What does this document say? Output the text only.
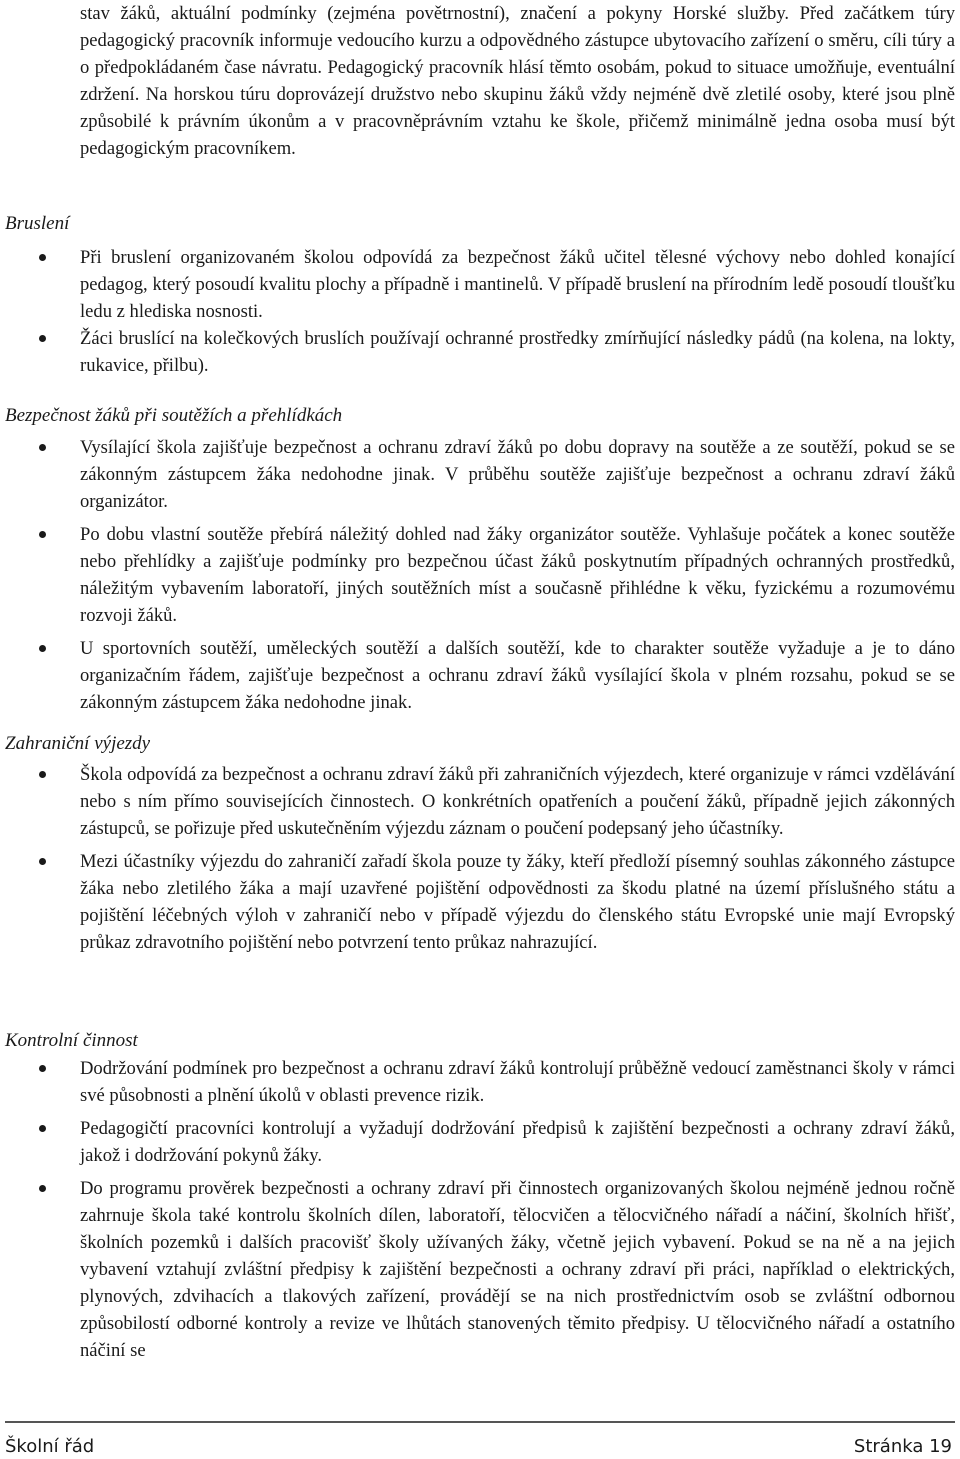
stav žáků, aktuální podmínky (zejména povětrnostní), značení a pokyny Horské služby. Před začátkem túry pedagogický pracovník informuje vedoucího kurzu a odpovědného zástupce ubytovacího zařízení o směru, cíli túry a o předpokládaném čase návratu. Pedagogický pracovník hlásí těmto osobám, pokud to situace umožňuje, eventuální zdržení. Na horskou túru doprovázejí družstvo nebo skupinu žáků vždy nejméně dvě zletilé osoby, které jsou plně způsobilé k právním úkonům a v pracovněprávním vztahu ke škole, přičemž minimálně jedna osoba musí být pedagogickým pracovníkem.

Bruslení
Při bruslení organizovaném školou odpovídá za bezpečnost žáků učitel tělesné výchovy nebo dohled konající pedagog, který posoudí kvalitu plochy a případně i mantinelů. V případě bruslení na přírodním ledě posoudí tloušťku ledu z hlediska nosnosti.
Žáci bruslící na kolečkových bruslích používají ochranné prostředky zmírňující následky pádů (na kolena, na lokty, rukavice, přilbu).
Bezpečnost žáků při soutěžích a přehlídkách
Vysílající škola zajišťuje bezpečnost a ochranu zdraví žáků po dobu dopravy na soutěže a ze soutěží, pokud se se zákonným zástupcem žáka nedohodne jinak. V průběhu soutěže zajišťuje bezpečnost a ochranu zdraví žáků organizátor.
Po dobu vlastní soutěže přebírá náležitý dohled nad žáky organizátor soutěže. Vyhlašuje počátek a konec soutěže nebo přehlídky a zajišťuje podmínky pro bezpečnou účast žáků poskytnutím případných ochranných prostředků, náležitým vybavením laboratoří, jiných soutěžních míst a současně přihlédne k věku, fyzickému a rozumovému rozvoji žáků.
U sportovních soutěží, uměleckých soutěží a dalších soutěží, kde to charakter soutěže vyžaduje a je to dáno organizačním řádem, zajišťuje bezpečnost a ochranu zdraví žáků vysílající škola v plném rozsahu, pokud se se zákonným zástupcem žáka nedohodne jinak.
Zahraniční výjezdy
Škola odpovídá za bezpečnost a ochranu zdraví žáků při zahraničních výjezdech, které organizuje v rámci vzdělávání nebo s ním přímo souvisejících činnostech. O konkrétních opatřeních a poučení žáků, případně jejich zákonných zástupců, se pořizuje před uskutečněním výjezdu záznam o poučení podepsaný jeho účastníky.
Mezi účastníky výjezdu do zahraničí zařadí škola pouze ty žáky, kteří předloží písemný souhlas zákonného zástupce žáka nebo zletilého žáka a mají uzavřené pojištění odpovědnosti za škodu platné na území příslušného státu a pojištění léčebných výloh v zahraničí nebo v případě výjezdu do členského státu Evropské unie mají Evropský průkaz zdravotního pojištění nebo potvrzení tento průkaz nahrazující.
Kontrolní činnost
Dodržování podmínek pro bezpečnost a ochranu zdraví žáků kontrolují průběžně vedoucí zaměstnanci školy v rámci své působnosti a plnění úkolů v oblasti prevence rizik.
Pedagogičtí pracovníci kontrolují a vyžadují dodržování předpisů k zajištění bezpečnosti a ochrany zdraví žáků, jakož i dodržování pokynů žáky.
Do programu prověrek bezpečnosti a ochrany zdraví při činnostech organizovaných školou nejméně jednou ročně zahrnuje škola také kontrolu školních dílen, laboratoří, tělocvičen a tělocvičného nářadí a náčiní, školních hřišť, školních pozemků i dalších pracovišť školy užívaných žáky, včetně jejich vybavení. Pokud se na ně a na jejich vybavení vztahují zvláštní předpisy k zajištění bezpečnosti a ochrany zdraví při práci, například o elektrických, plynových, zdvihacích a tlakových zařízení, provádějí se na nich prostřednictvím osob se zvláštní odbornou způsobilostí odborné kontroly a revize ve lhůtách stanovených těmito předpisy. U tělocvičného nářadí a ostatního náčiní se
Školní řád	Stránka 19
